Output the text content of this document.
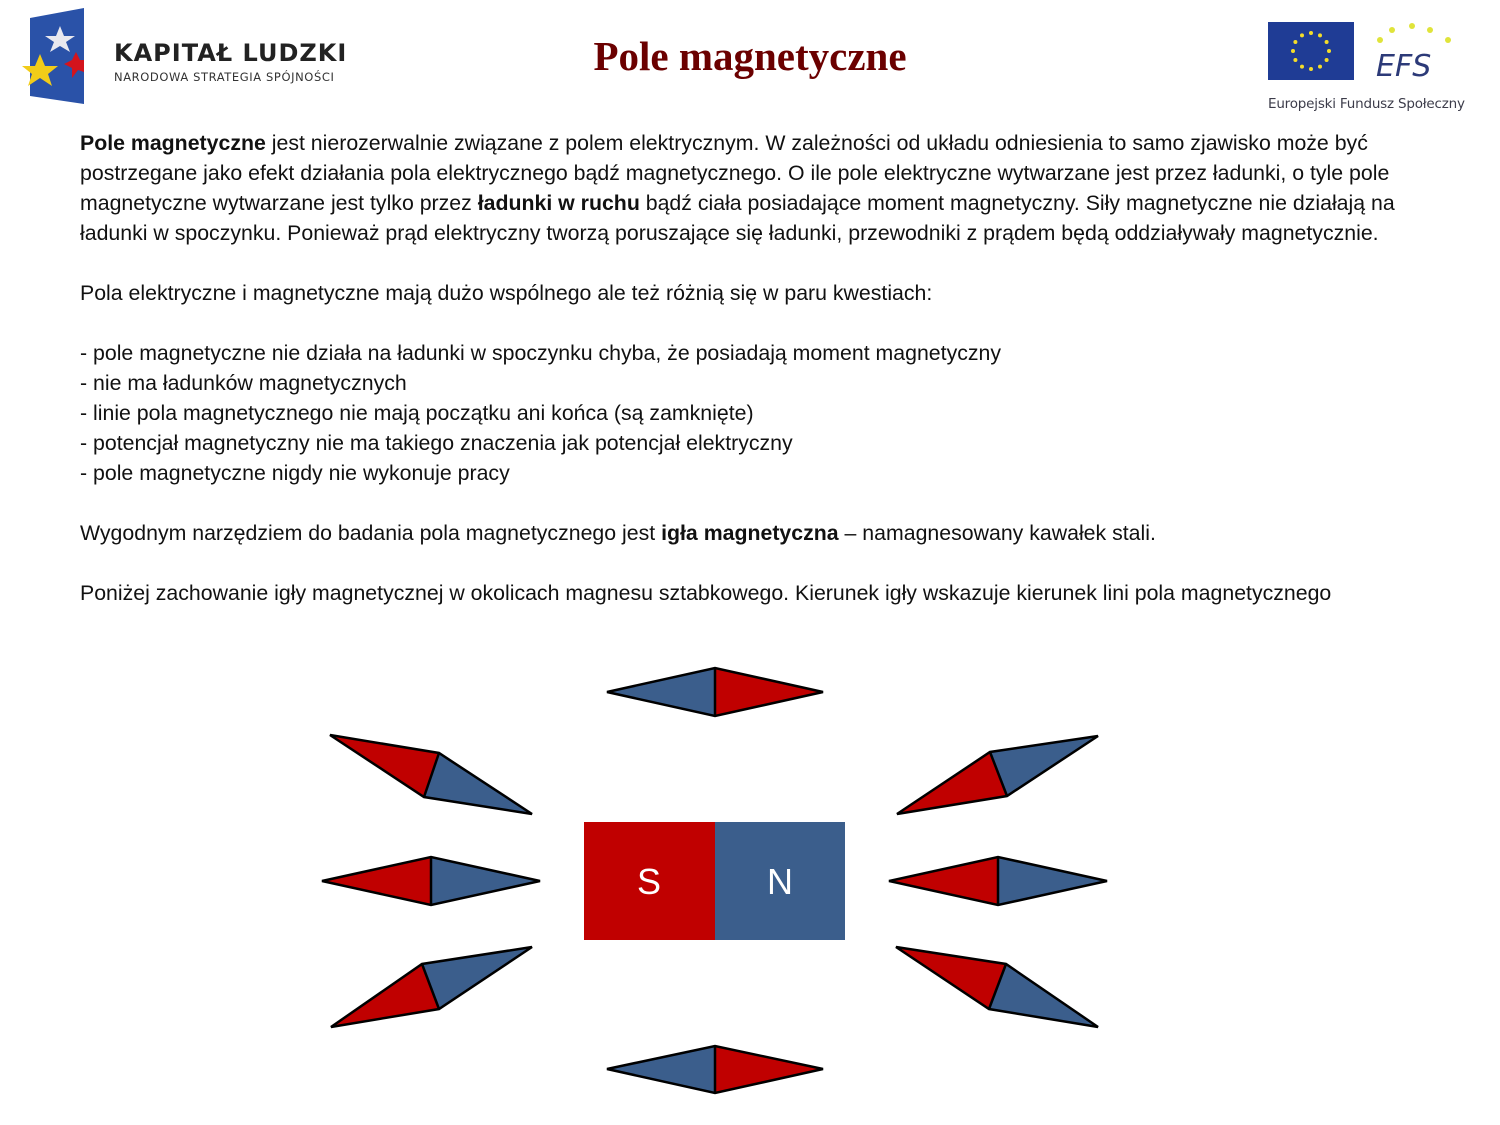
KAPITAŁ LUDZKI
NARODOWA STRATEGIA SPÓJNOŚCI	Pole magnetyczne	EFS
Europejski Fundusz Społeczny

Pole magnetyczne jest nierozerwalnie związane z polem elektrycznym. W zależności od układu odniesienia to samo zjawisko może być postrzegane jako efekt działania pola elektrycznego bądź magnetycznego. O ile pole elektryczne wytwarzane jest przez ładunki, o tyle pole magnetyczne wytwarzane jest tylko przez ładunki w ruchu bądź ciała posiadające moment magnetyczny. Siły magnetyczne nie działają na ładunki w spoczynku. Ponieważ prąd elektryczny tworzą poruszające się ładunki, przewodniki z prądem będą oddziaływały magnetycznie.

Pola elektryczne i magnetyczne mają dużo wspólnego ale też różnią się w paru kwestiach:

- pole magnetyczne nie działa na ładunki w spoczynku chyba, że posiadają moment magnetyczny

- nie ma ładunków magnetycznych

- linie pola magnetycznego nie mają początku ani końca (są zamknięte)

- potencjał magnetyczny nie ma takiego znaczenia jak potencjał elektryczny

- pole magnetyczne nigdy nie wykonuje pracy

Wygodnym narzędziem do badania pola magnetycznego jest igła magnetyczna – namagnesowany kawałek stali.

Poniżej zachowanie igły magnetycznej w okolicach magnesu sztabkowego. Kierunek igły wskazuje kierunek lini pola magnetycznego

S	N
